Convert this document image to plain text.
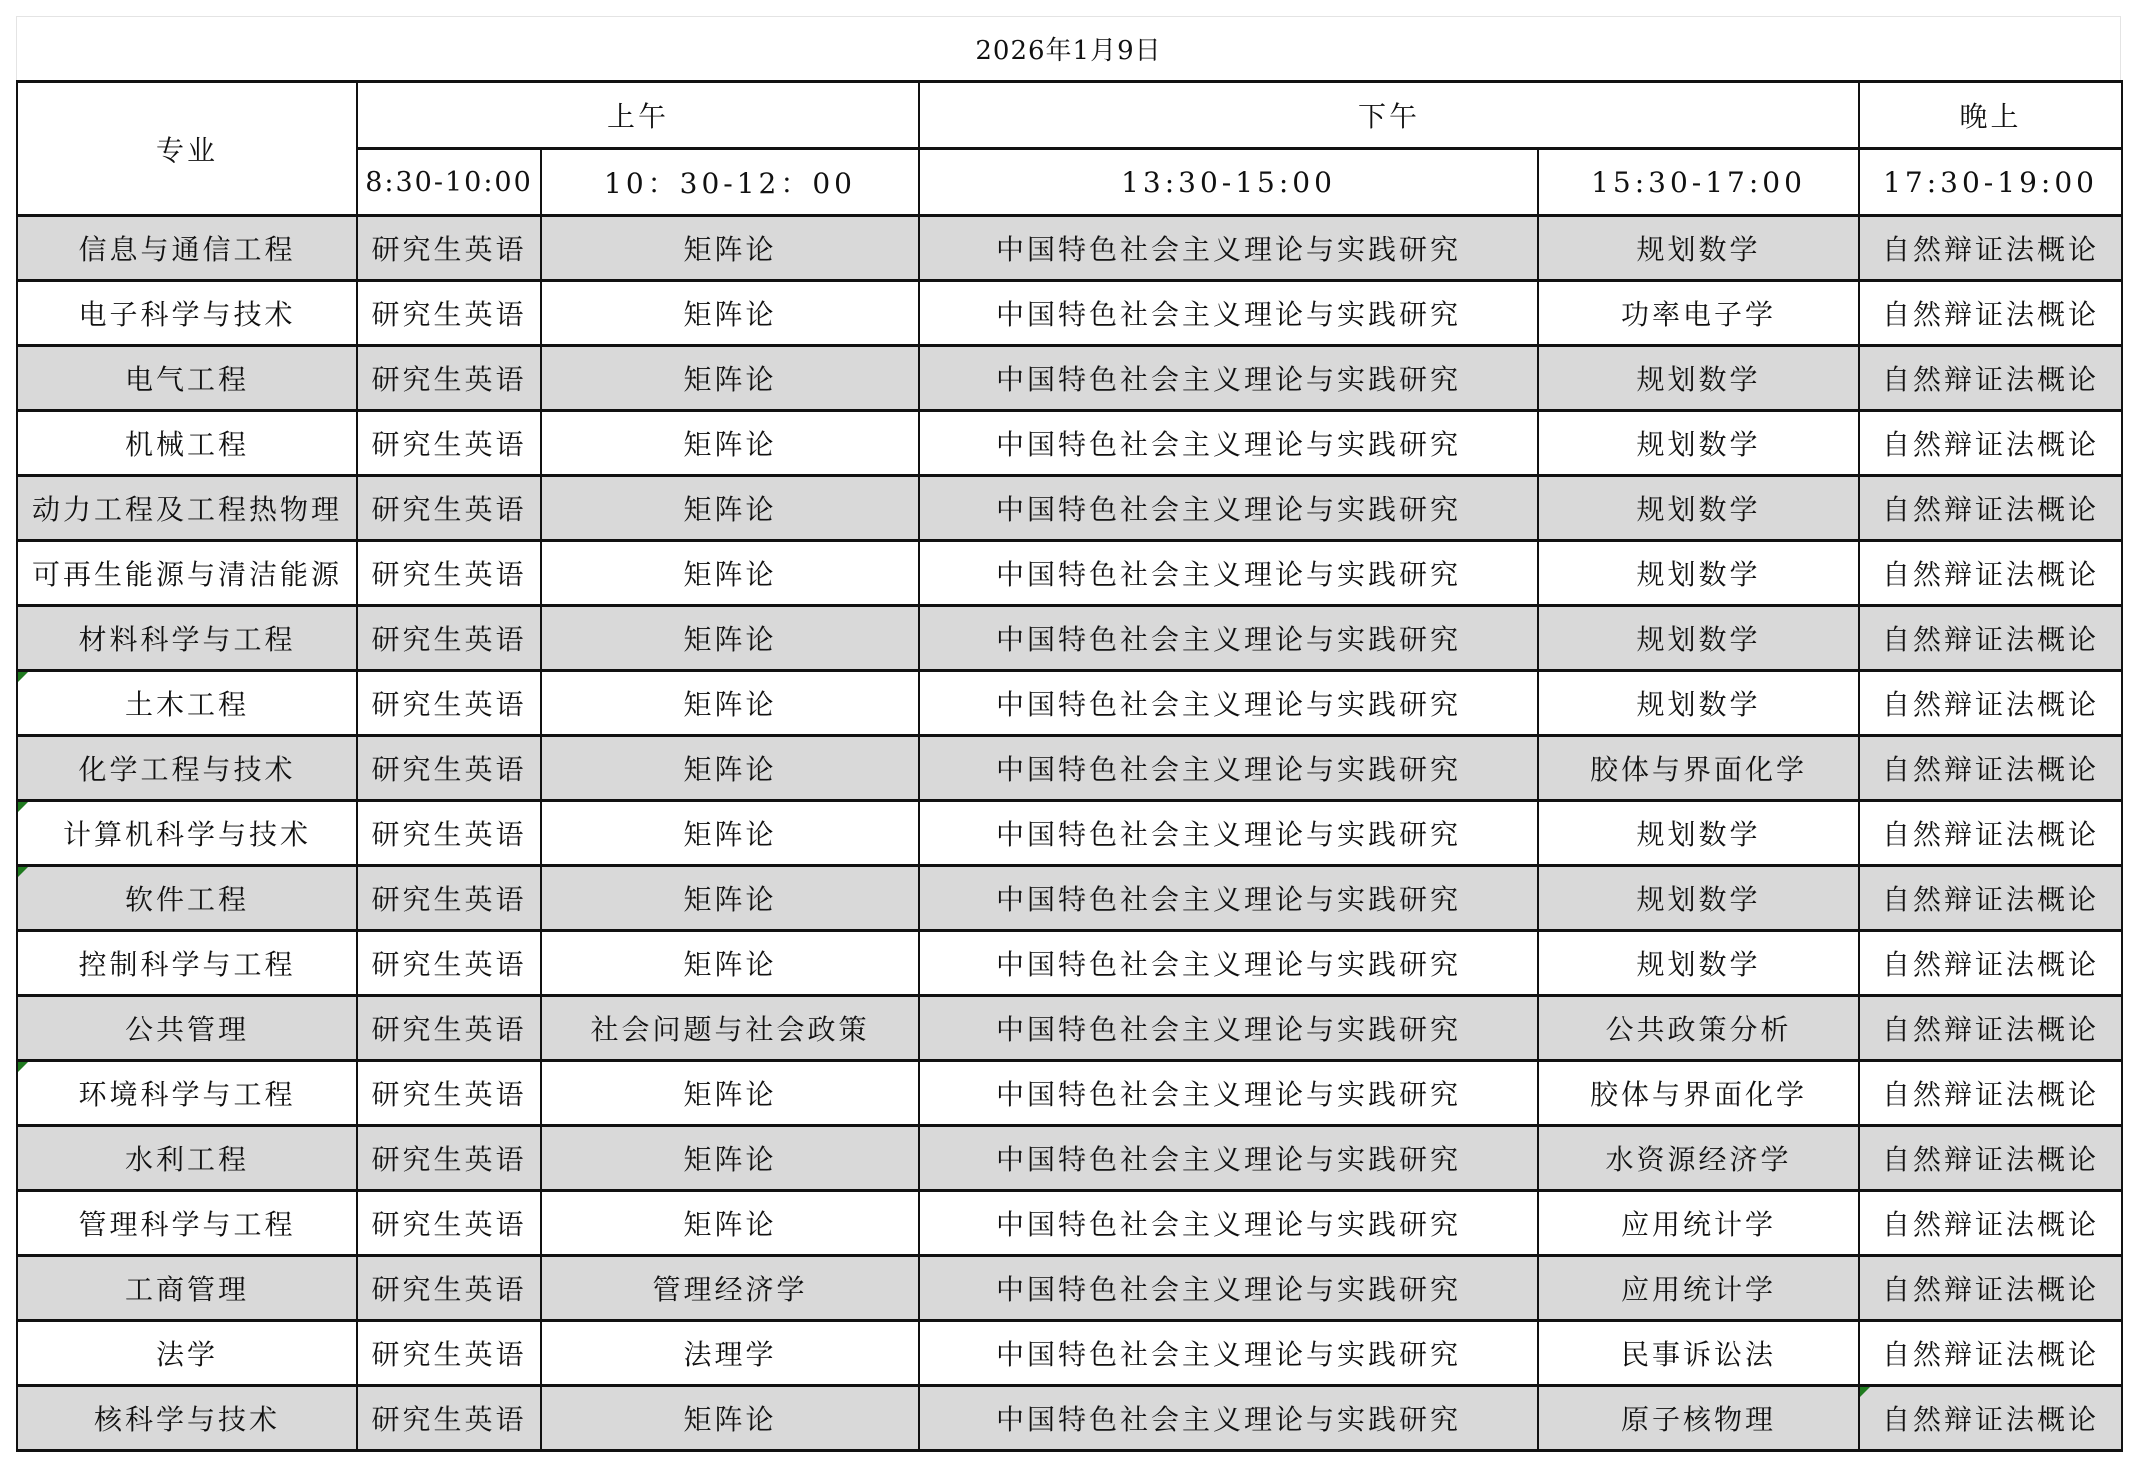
2026年1月9日
专业	上午		下午		晚上
	8:30-10:00	10：30-12：00	13:30-15:00	15:30-17:00	17:30-19:00
信息与通信工程	研究生英语	矩阵论	中国特色社会主义理论与实践研究	规划数学	自然辩证法概论
电子科学与技术	研究生英语	矩阵论	中国特色社会主义理论与实践研究	功率电子学	自然辩证法概论
电气工程	研究生英语	矩阵论	中国特色社会主义理论与实践研究	规划数学	自然辩证法概论
机械工程	研究生英语	矩阵论	中国特色社会主义理论与实践研究	规划数学	自然辩证法概论
动力工程及工程热物理	研究生英语	矩阵论	中国特色社会主义理论与实践研究	规划数学	自然辩证法概论
可再生能源与清洁能源	研究生英语	矩阵论	中国特色社会主义理论与实践研究	规划数学	自然辩证法概论
材料科学与工程	研究生英语	矩阵论	中国特色社会主义理论与实践研究	规划数学	自然辩证法概论

土木工程	研究生英语	矩阵论	中国特色社会主义理论与实践研究	规划数学	自然辩证法概论
化学工程与技术	研究生英语	矩阵论	中国特色社会主义理论与实践研究	胶体与界面化学	自然辩证法概论

计算机科学与技术	研究生英语	矩阵论	中国特色社会主义理论与实践研究	规划数学	自然辩证法概论

软件工程	研究生英语	矩阵论	中国特色社会主义理论与实践研究	规划数学	自然辩证法概论
控制科学与工程	研究生英语	矩阵论	中国特色社会主义理论与实践研究	规划数学	自然辩证法概论
公共管理	研究生英语	社会问题与社会政策	中国特色社会主义理论与实践研究	公共政策分析	自然辩证法概论

环境科学与工程	研究生英语	矩阵论	中国特色社会主义理论与实践研究	胶体与界面化学	自然辩证法概论
水利工程	研究生英语	矩阵论	中国特色社会主义理论与实践研究	水资源经济学	自然辩证法概论
管理科学与工程	研究生英语	矩阵论	中国特色社会主义理论与实践研究	应用统计学	自然辩证法概论
工商管理	研究生英语	管理经济学	中国特色社会主义理论与实践研究	应用统计学	自然辩证法概论
法学	研究生英语	法理学	中国特色社会主义理论与实践研究	民事诉讼法	自然辩证法概论
核科学与技术	研究生英语	矩阵论	中国特色社会主义理论与实践研究	原子核物理	自然辩证法概论
